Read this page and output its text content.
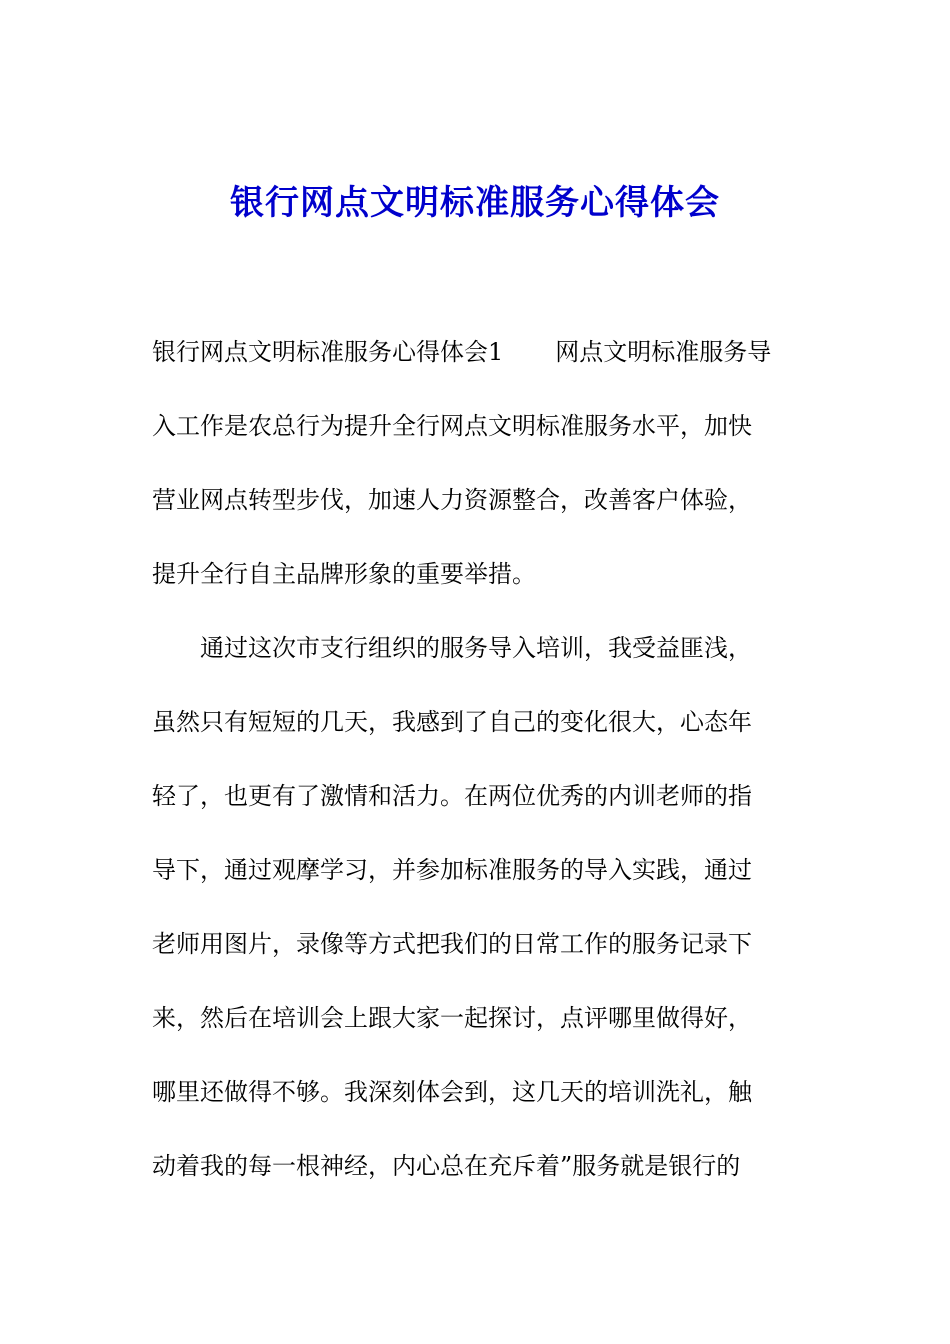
银行网点文明标准服务心得体会
银行网点文明标准服务心得体会1 网点文明标准服务导
入工作是农总行为提升全行网点文明标准服务水平，加快
营业网点转型步伐，加速人力资源整合，改善客户体验，
提升全行自主品牌形象的重要举措。
通过这次市支行组织的服务导入培训，我受益匪浅，
虽然只有短短的几天，我感到了自己的变化很大，心态年
轻了，也更有了激情和活力。在两位优秀的内训老师的指
导下，通过观摩学习，并参加标准服务的导入实践，通过
老师用图片，录像等方式把我们的日常工作的服务记录下
来，然后在培训会上跟大家一起探讨，点评哪里做得好，
哪里还做得不够。我深刻体会到，这几天的培训洗礼，触
动着我的每一根神经，内心总在充斥着”服务就是银行的
